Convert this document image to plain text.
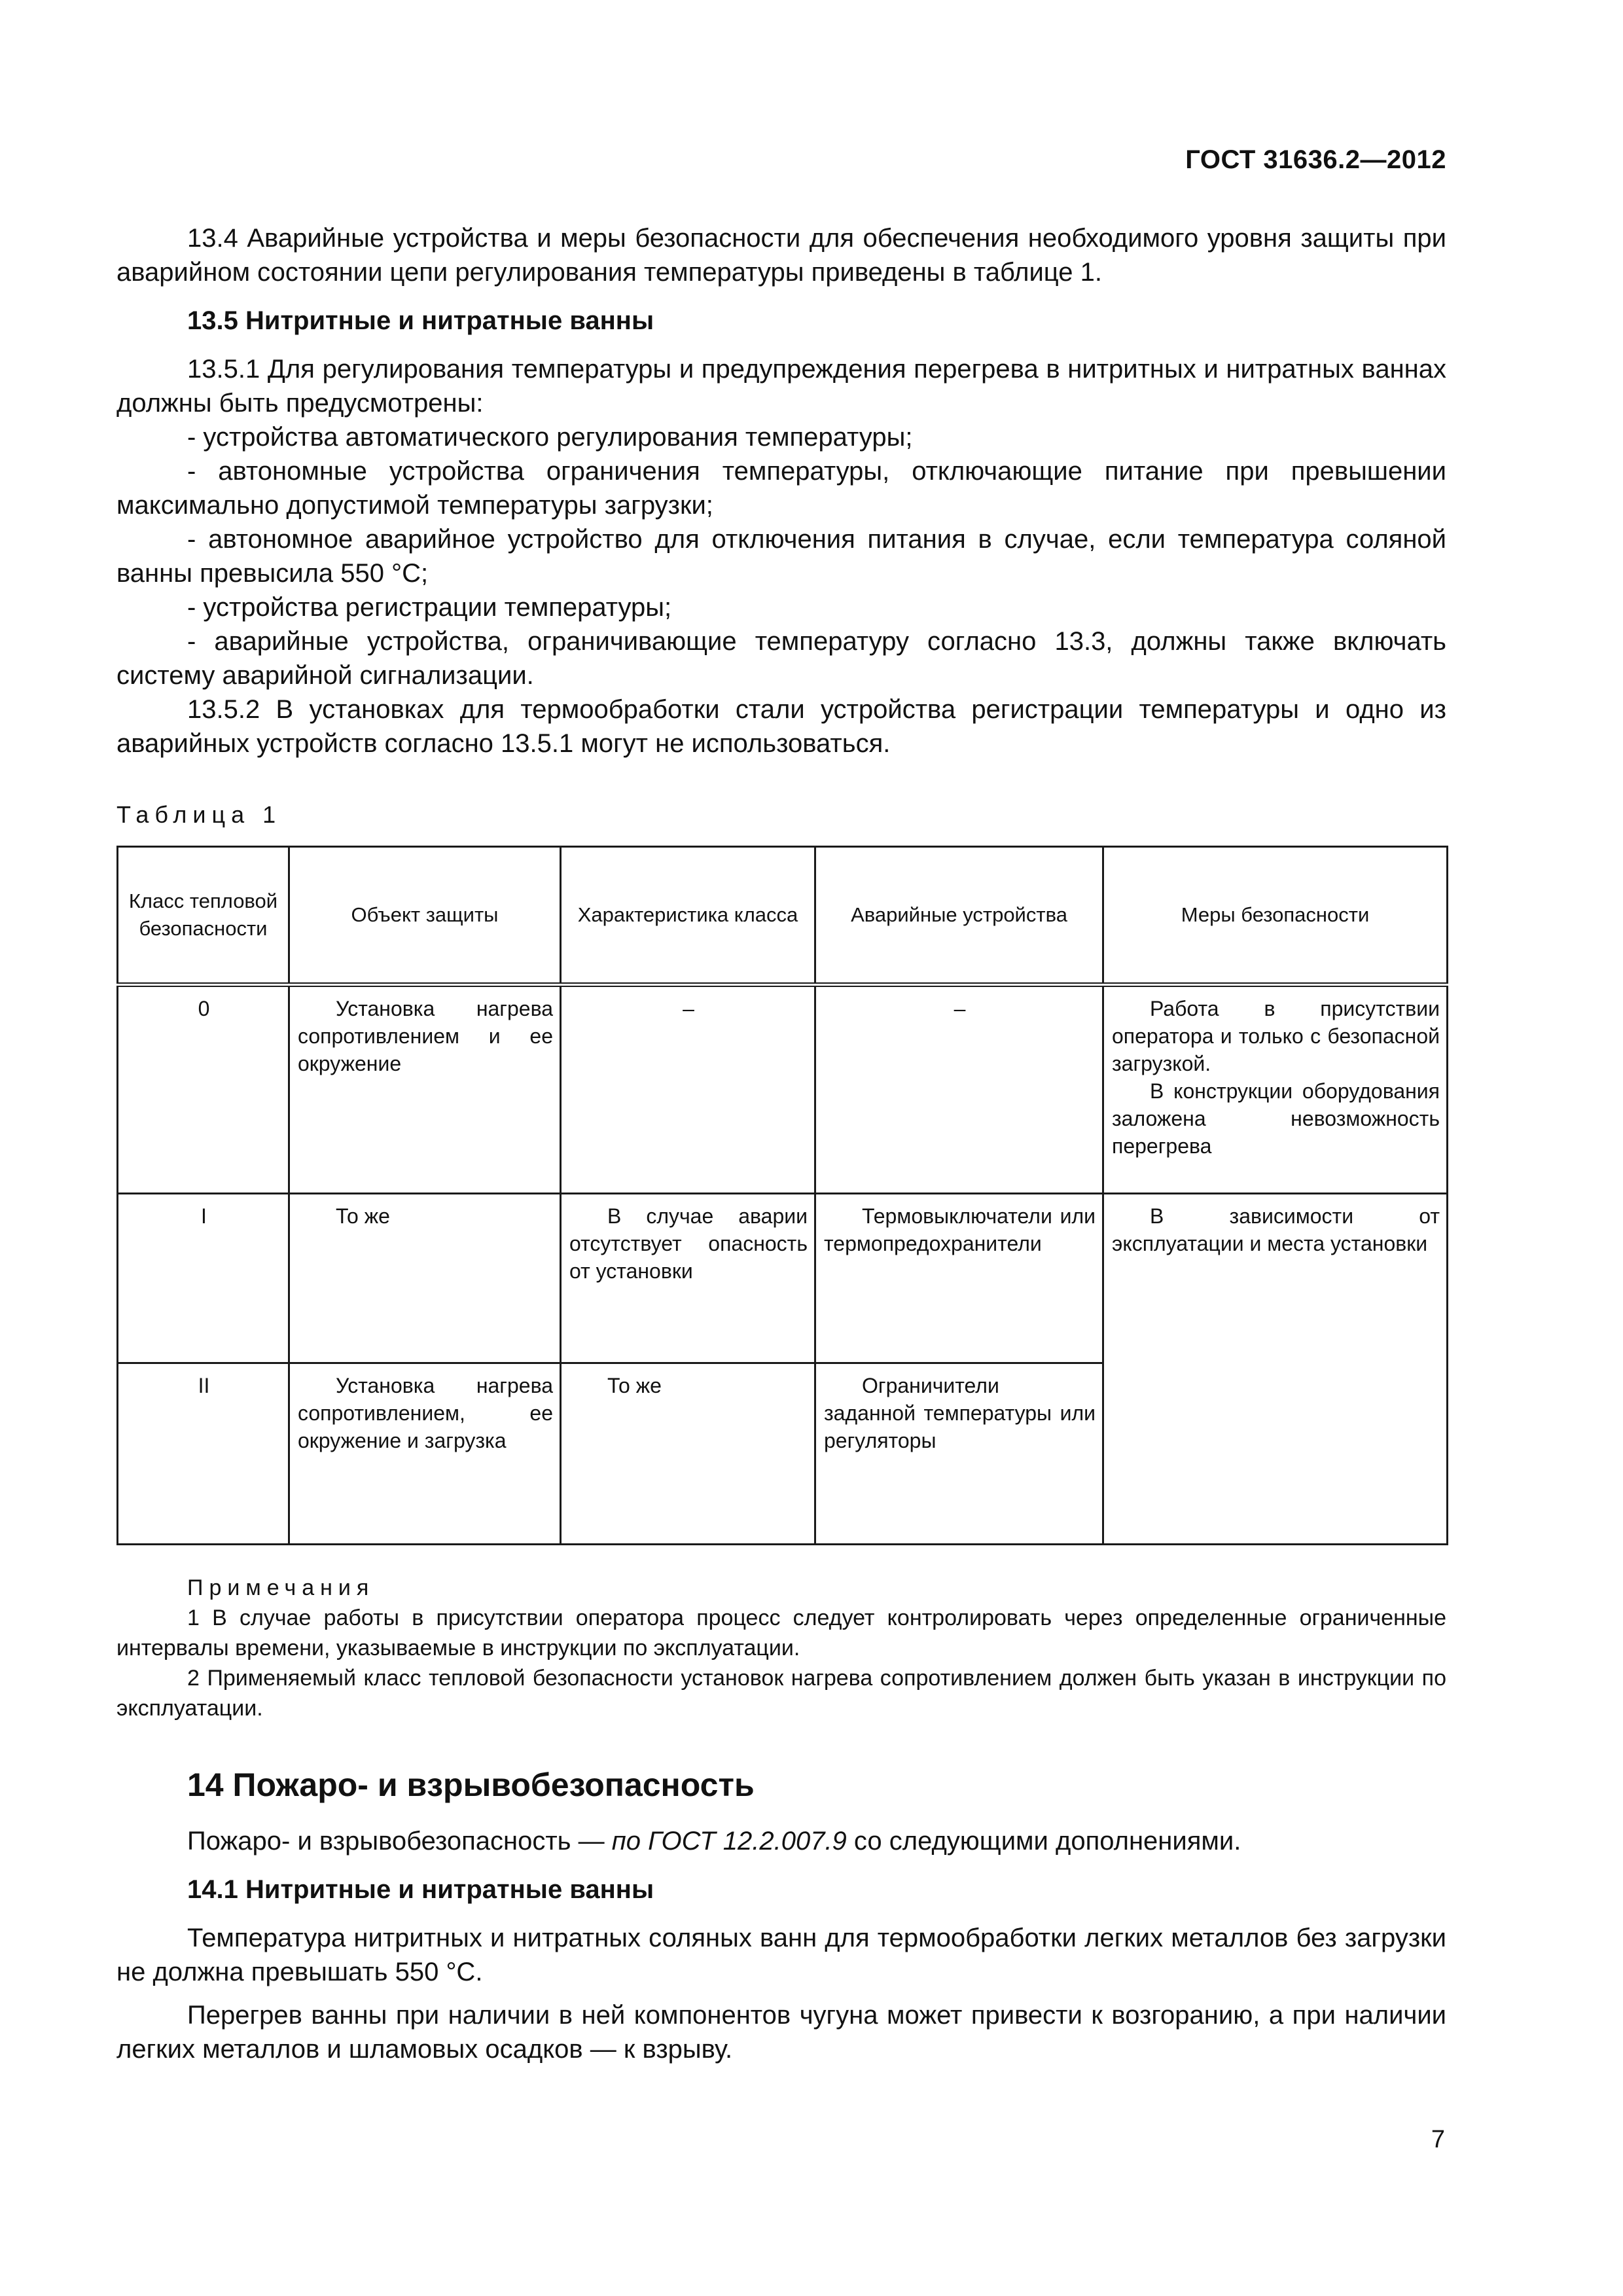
ГОСТ 31636.2—2012

13.4 Аварийные устройства и меры безопасности для обеспечения необходимого уровня защиты при аварийном состоянии цепи регулирования температуры приведены в таблице 1.

13.5 Нитритные и нитратные ванны

13.5.1 Для регулирования температуры и предупреждения перегрева в нитритных и нитратных ваннах должны быть предусмотрены:

- устройства автоматического регулирования температуры;

- автономные устройства ограничения температуры, отключающие питание при превышении максимально допустимой температуры загрузки;

- автономное аварийное устройство для отключения питания в случае, если температура соляной ванны превысила 550 °С;

- устройства регистрации температуры;

- аварийные устройства, ограничивающие температуру согласно 13.3, должны также включать систему аварийной сигнализации.

13.5.2 В установках для термообработки стали устройства регистрации температуры и одно из аварийных устройств согласно 13.5.1 могут не использоваться.

Таблица 1
Класс тепловой безопасности	Объект защиты	Характеристика класса	Аварийные устройства	Меры безопасности
0	Установка нагрева сопротивлением и ее окружение	–	–	Работа в присутствии оператора и только с безопасной загрузкой.
В конструкции оборудования заложена невозможность перегрева

I	То же	В случае аварии отсутствует опасность от установки	Термовыключатели или термопредохранители	В зависимости от эксплуатации и места установки

II	Установка нагрева сопротивлением, ее окружение и загрузка	То же	Ограничители заданной температуры или регуляторы	

Примечания

1 В случае работы в присутствии оператора процесс следует контролировать через определенные ограниченные интервалы времени, указываемые в инструкции по эксплуатации.

2 Применяемый класс тепловой безопасности установок нагрева сопротивлением должен быть указан в инструкции по эксплуатации.

14 Пожаро- и взрывобезопасность

Пожаро- и взрывобезопасность — по ГОСТ 12.2.007.9 со следующими дополнениями.

14.1 Нитритные и нитратные ванны

Температура нитритных и нитратных соляных ванн для термообработки легких металлов без загрузки не должна превышать 550 °С.

Перегрев ванны при наличии в ней компонентов чугуна может привести к возгоранию, а при наличии легких металлов и шламовых осадков — к взрыву.

7
